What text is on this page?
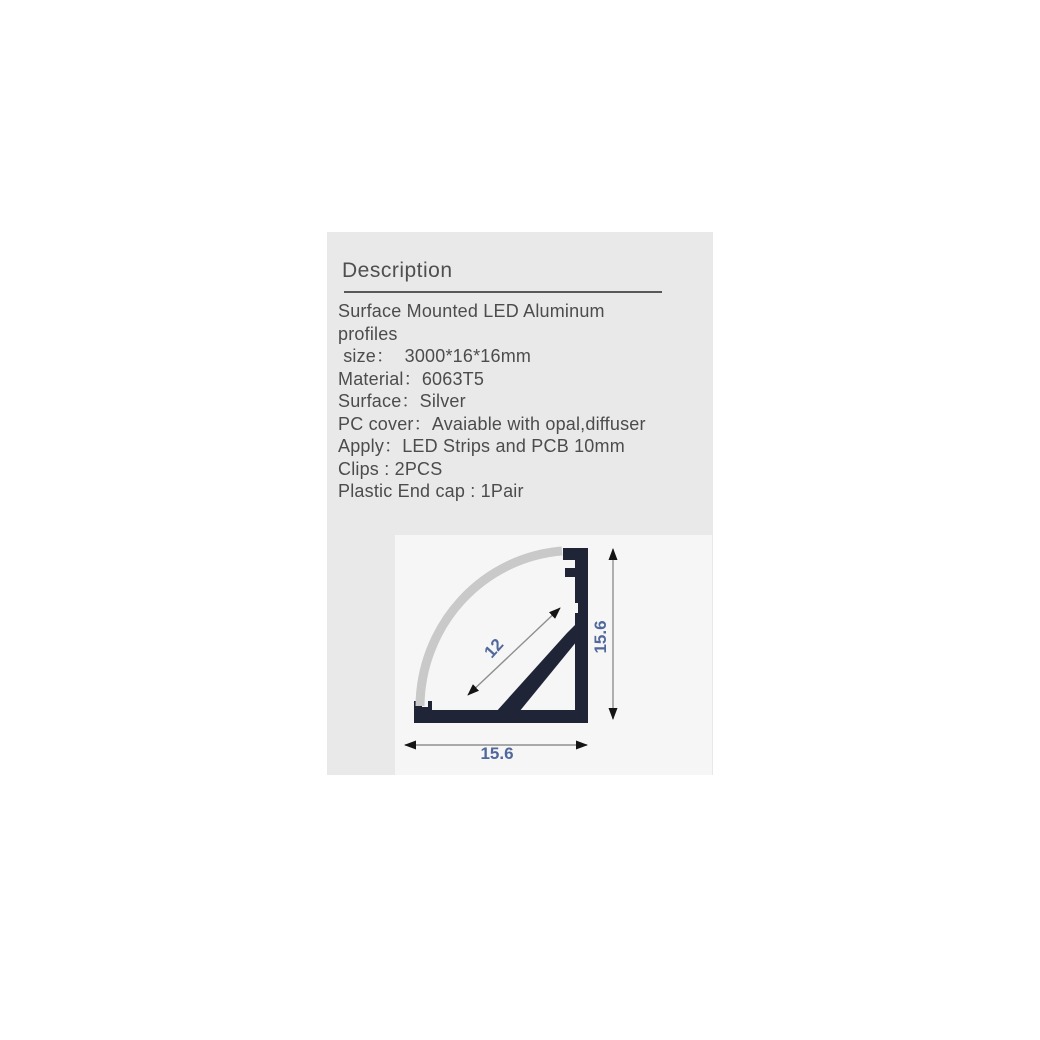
Description
Surface Mounted LED Aluminum
profiles
size：  3000*16*16mm
Material：6063T5
Surface：Silver
PC cover：Avaiable with opal,diffuser
Apply：LED Strips and PCB 10mm
Clips : 2PCS
Plastic End cap : 1Pair
15.6
15.6
12
